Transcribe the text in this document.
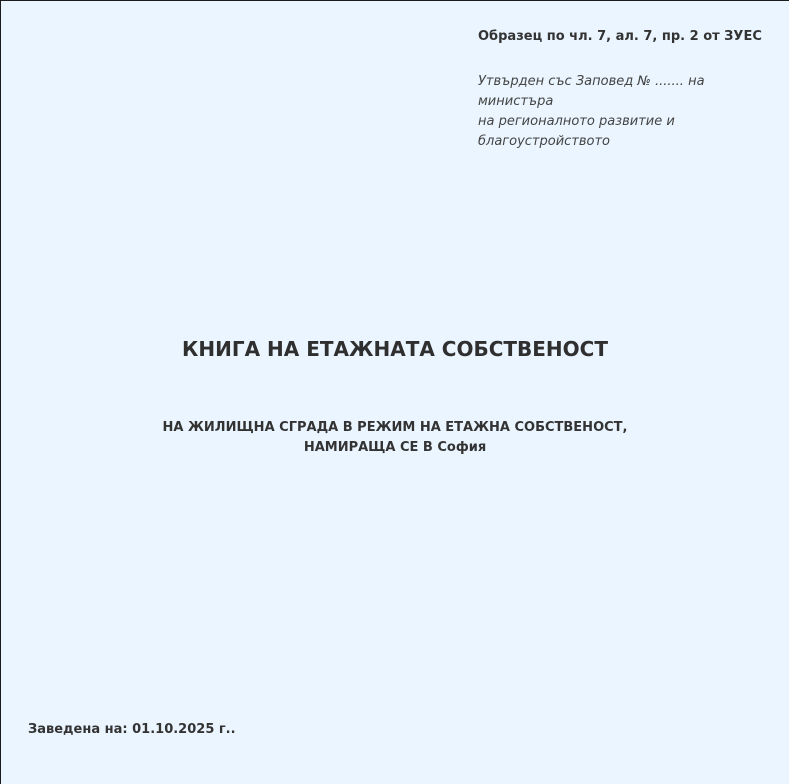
Образец по чл. 7, ал. 7, пр. 2 от ЗУЕС
Утвърден със Заповед № ....... на министъра
на регионалното развитие и
благоустройството
КНИГА НА ЕТАЖНАТА СОБСТВЕНОСТ
НА ЖИЛИЩНА СГРАДА В РЕЖИМ НА ЕТАЖНА СОБСТВЕНОСТ,
НАМИРАЩА СЕ В София
Заведена на: 01.10.2025 г..
